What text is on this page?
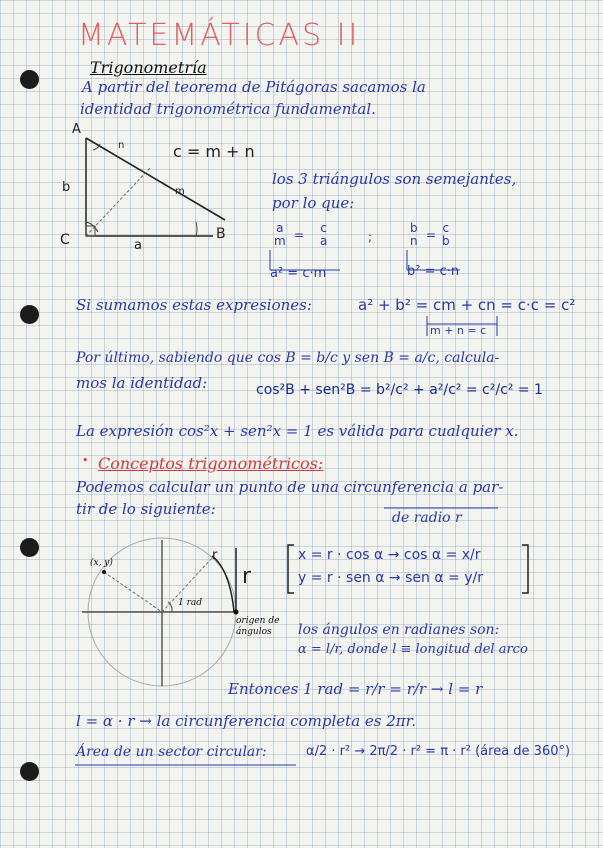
MATEMÁTICAS II
Trigonometría
A partir del teorema de Pitágoras sacamos la
identidad trigonométrica fundamental.
A
b
C	B
a
c = m + n
n
m
los 3 triángulos son semejantes,
por lo que:
a
m = c
a
a² = c·m
;
b
n = c
b
b² = c·n
Si sumamos estas expresiones:	a² + b² = cm + cn = c·c = c²
m + n = c
Por último, sabiendo que cos B = b/c y sen B = a/c, calcula-
mos la identidad:	cos²B + sen²B = b²/c² + a²/c² = c²/c² = 1
La expresión cos²x + sen²x = 1 es válida para cualquier x.
• Conceptos trigonométricos:
Podemos calcular un punto de una circunferencia a par-
tir de lo siguiente:	de radio r
(x, y)	r
r
1 rad
origen de
ángulos
x = r · cos α → cos α = x/r
y = r · sen α → sen α = y/r
los ángulos en radianes son:
α = l/r, donde l ≡ longitud del arco
Entonces 1 rad = r/r = r/r → l = r
l = α · r → la circunferencia completa es 2πr.
Área de un sector circular:	α/2 · r² → 2π/2 · r² = π · r² (área de 360°)
